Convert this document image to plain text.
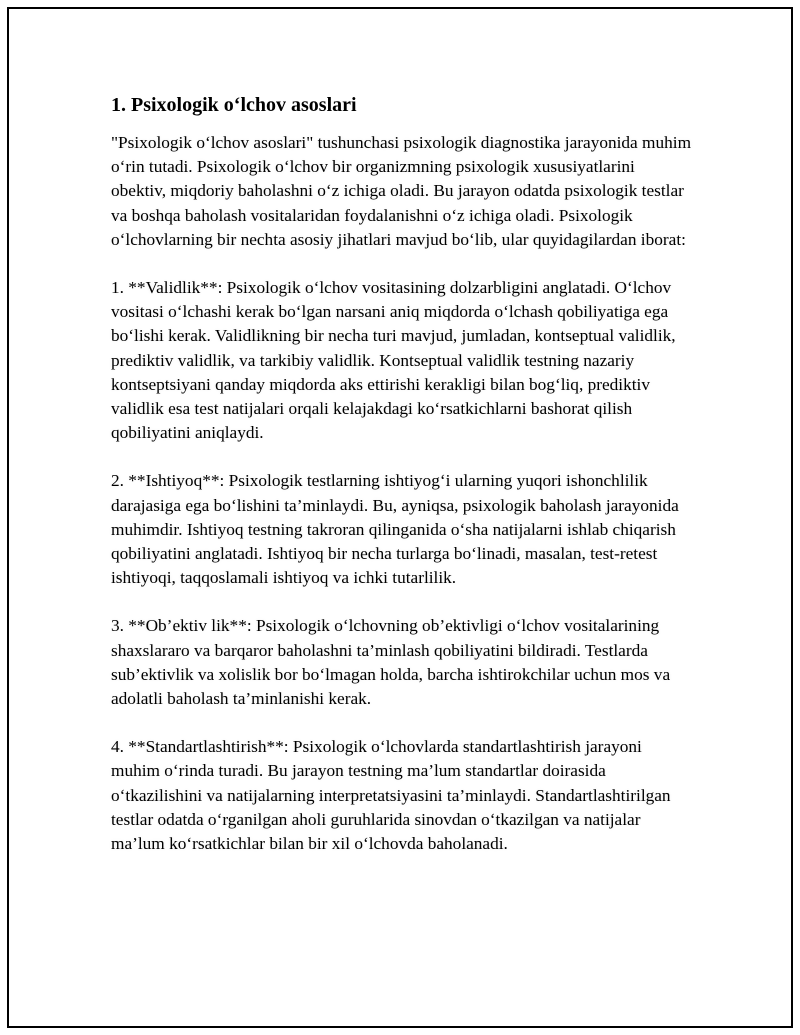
1. Psixologik o‘lchov asoslari

"Psixologik o‘lchov asoslari" tushunchasi psixologik diagnostika jarayonida muhim o‘rin tutadi. Psixologik o‘lchov bir organizmning psixologik xususiyatlarini obektiv, miqdoriy baholashni o‘z ichiga oladi. Bu jarayon odatda psixologik testlar va boshqa baholash vositalaridan foydalanishni o‘z ichiga oladi. Psixologik o‘lchovlarning bir nechta asosiy jihatlari mavjud bo‘lib, ular quyidagilardan iborat:

1. **Validlik**: Psixologik o‘lchov vositasining dolzarbligini anglatadi. O‘lchov vositasi o‘lchashi kerak bo‘lgan narsani aniq miqdorda o‘lchash qobiliyatiga ega bo‘lishi kerak. Validlikning bir necha turi mavjud, jumladan, kontseptual validlik, prediktiv validlik, va tarkibiy validlik. Kontseptual validlik testning nazariy kontseptsiyani qanday miqdorda aks ettirishi kerakligi bilan bog‘liq, prediktiv validlik esa test natijalari orqali kelajakdagi ko‘rsatkichlarni bashorat qilish qobiliyatini aniqlaydi.

2. **Ishtiyoq**: Psixologik testlarning ishtiyog‘i ularning yuqori ishonchlilik darajasiga ega bo‘lishini ta’minlaydi. Bu, ayniqsa, psixologik baholash jarayonida muhimdir. Ishtiyoq testning takroran qilinganida o‘sha natijalarni ishlab chiqarish qobiliyatini anglatadi. Ishtiyoq bir necha turlarga bo‘linadi, masalan, test-retest ishtiyoqi, taqqoslamali ishtiyoq va ichki tutarlilik.

3. **Ob’ektiv lik**: Psixologik o‘lchovning ob’ektivligi o‘lchov vositalarining shaxslararo va barqaror baholashni ta’minlash qobiliyatini bildiradi. Testlarda sub’ektivlik va xolislik bor bo‘lmagan holda, barcha ishtirokchilar uchun mos va adolatli baholash ta’minlanishi kerak.

4. **Standartlashtirish**: Psixologik o‘lchovlarda standartlashtirish jarayoni muhim o‘rinda turadi. Bu jarayon testning ma’lum standartlar doirasida o‘tkazilishini va natijalarning interpretatsiyasini ta’minlaydi. Standartlashtirilgan testlar odatda o‘rganilgan aholi guruhlarida sinovdan o‘tkazilgan va natijalar ma’lum ko‘rsatkichlar bilan bir xil o‘lchovda baholanadi.
